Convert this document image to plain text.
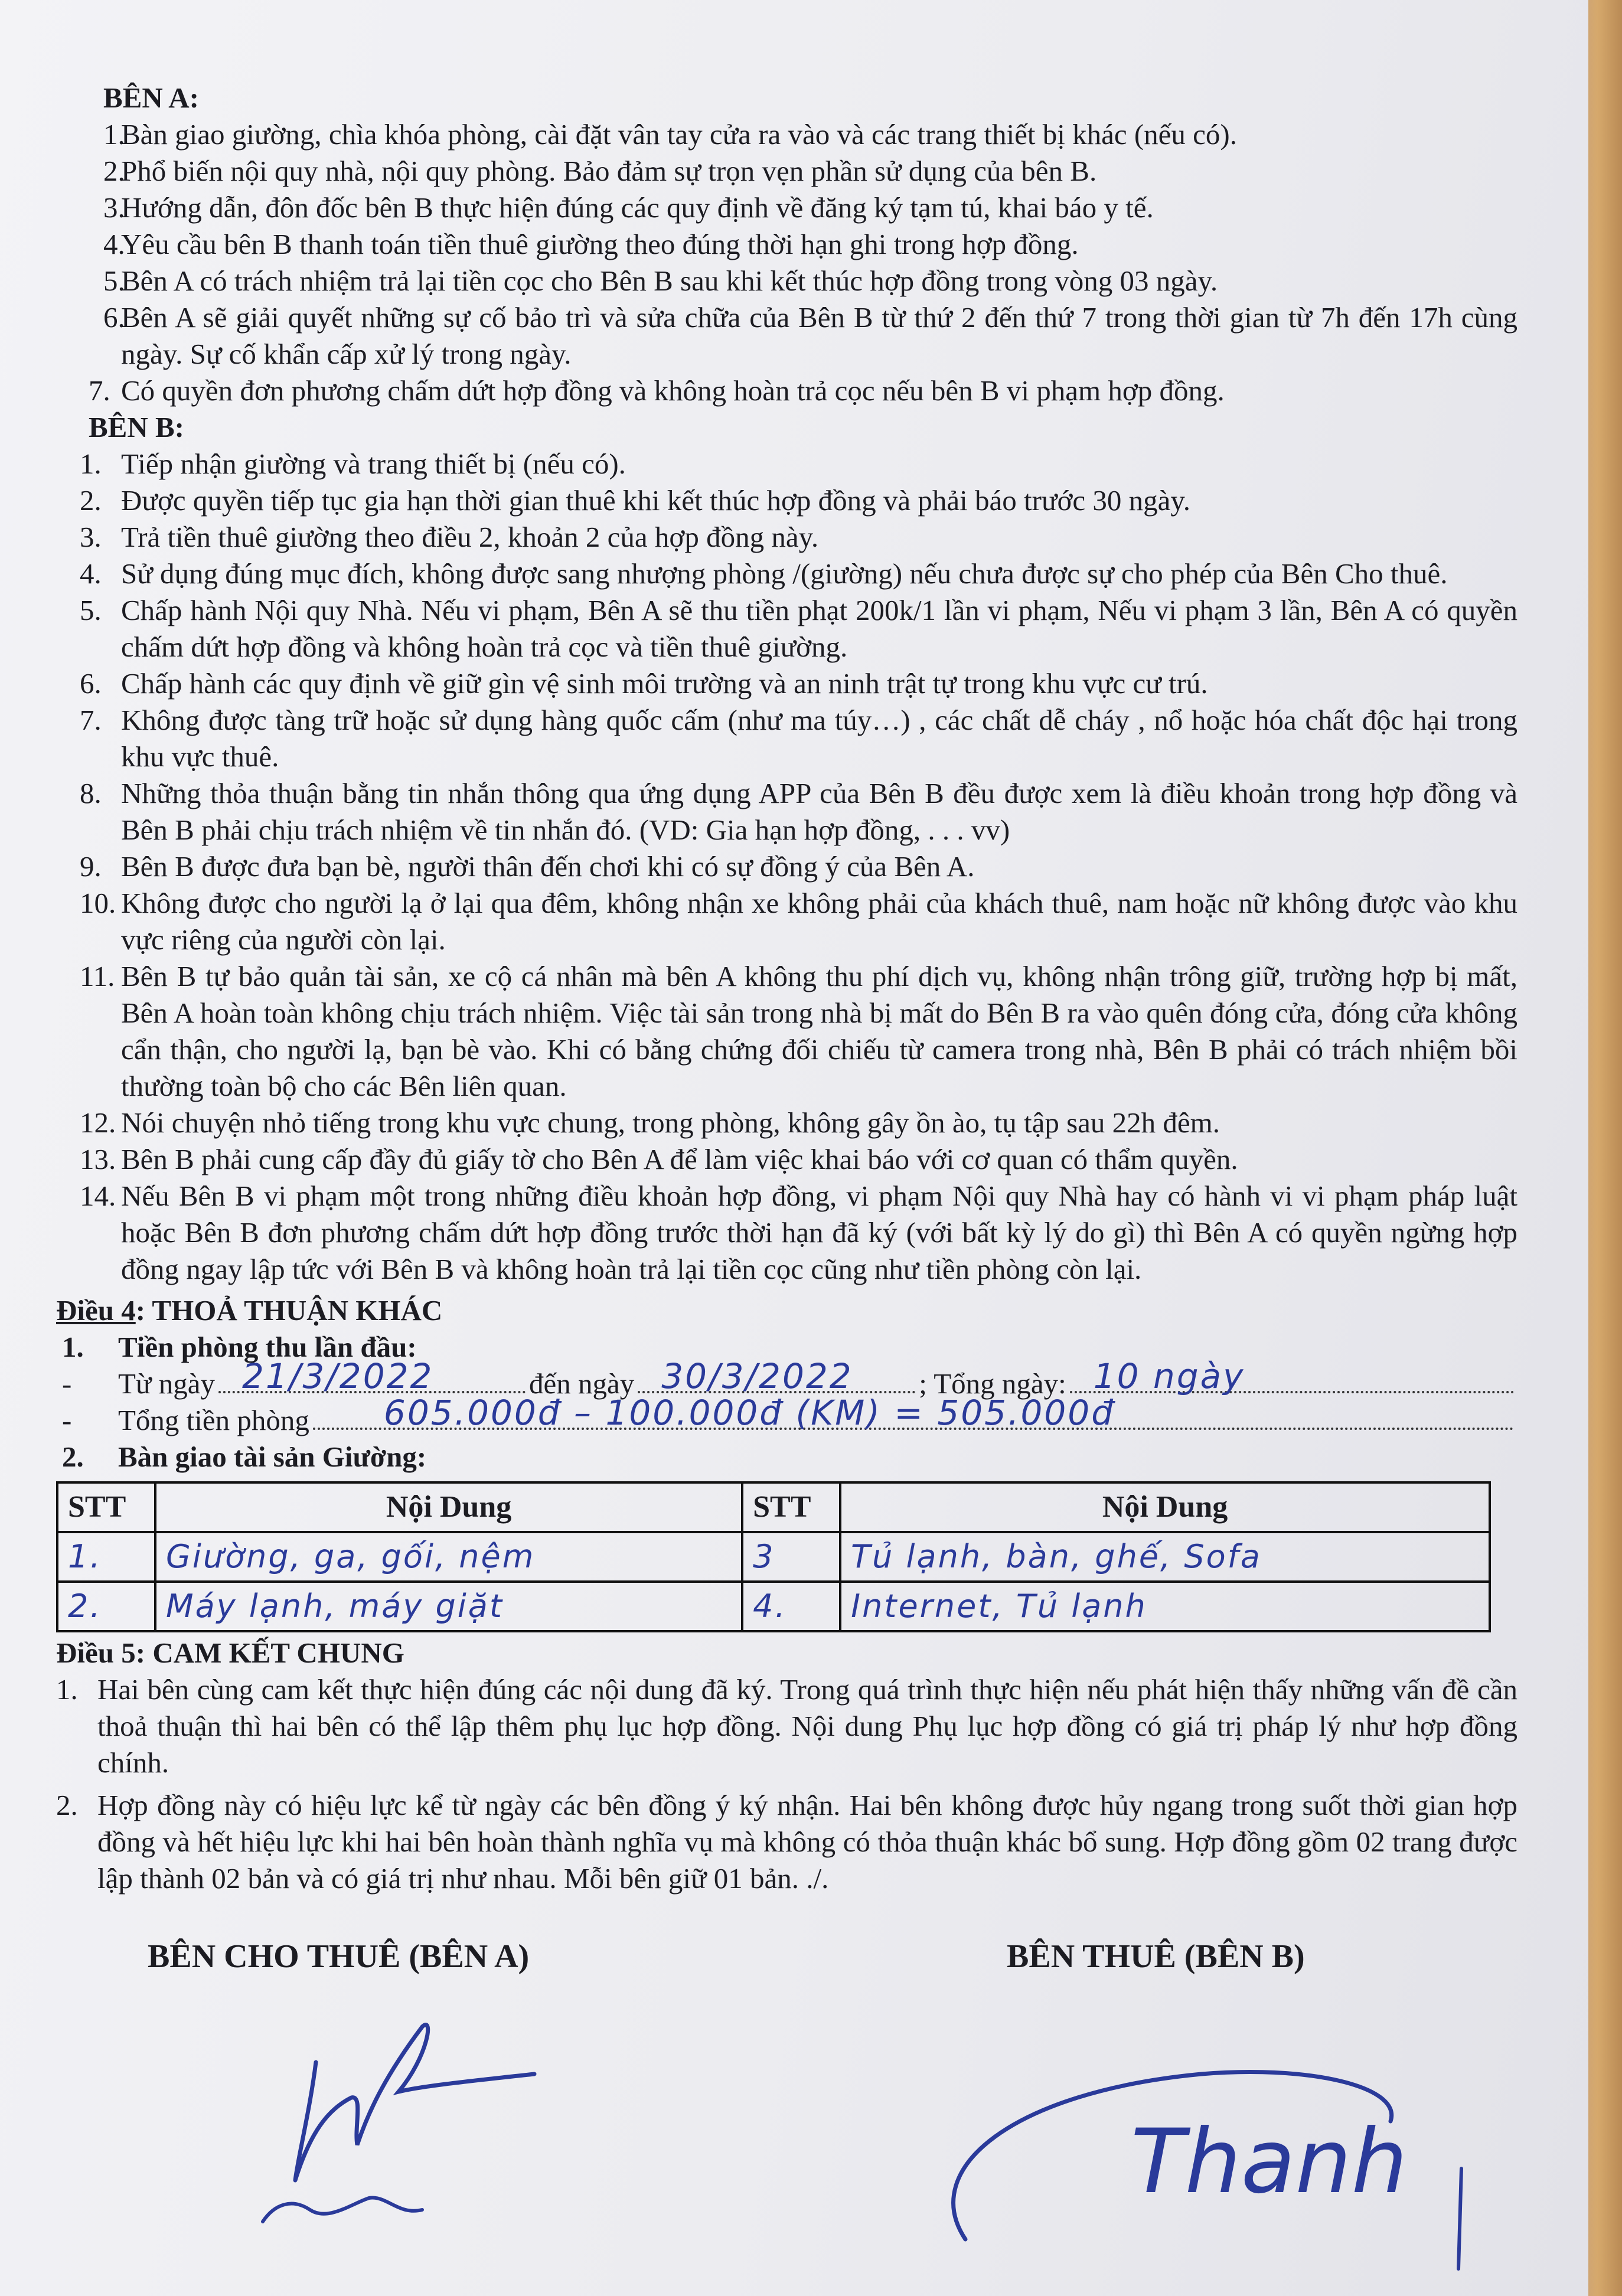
BÊN A:
1.
Bàn giao giường, chìa khóa phòng, cài đặt vân tay cửa ra vào và các trang thiết bị khác (nếu có).
2.
Phổ biến nội quy nhà, nội quy phòng. Bảo đảm sự trọn vẹn phần sử dụng của bên B.
3.
Hướng dẫn, đôn đốc bên B thực hiện đúng các quy định về đăng ký tạm tú, khai báo y tế.
4.
Yêu cầu bên B thanh toán tiền thuê giường theo đúng thời hạn ghi trong hợp đồng.
5.
Bên A có trách nhiệm trả lại tiền cọc cho Bên B sau khi kết thúc hợp đồng trong vòng 03 ngày.
6.
Bên A sẽ giải quyết những sự cố bảo trì và sửa chữa của Bên B từ thứ 2 đến thứ 7 trong thời gian từ 7h đến 17h cùng ngày. Sự cố khẩn cấp xử lý trong ngày.
7. Có quyền đơn phương chấm dứt hợp đồng và không hoàn trả cọc nếu bên B vi phạm hợp đồng.
BÊN B:
1. Tiếp nhận giường và trang thiết bị (nếu có).
2. Được quyền tiếp tục gia hạn thời gian thuê khi kết thúc hợp đồng và phải báo trước 30 ngày.
3. Trả tiền thuê giường theo điều 2, khoản 2 của hợp đồng này.
4. Sử dụng đúng mục đích, không được sang nhượng phòng /(giường) nếu chưa được sự cho phép của Bên Cho thuê.
5. Chấp hành Nội quy Nhà. Nếu vi phạm, Bên A sẽ thu tiền phạt 200k/1 lần vi phạm, Nếu vi phạm 3 lần, Bên A có quyền chấm dứt hợp đồng và không hoàn trả cọc và tiền thuê giường.
6. Chấp hành các quy định về giữ gìn vệ sinh môi trường và an ninh trật tự trong khu vực cư trú.
7. Không được tàng trữ hoặc sử dụng hàng quốc cấm (như ma túy…) , các chất dễ cháy , nổ hoặc hóa chất độc hại trong khu vực thuê.
8. Những thỏa thuận bằng tin nhắn thông qua ứng dụng APP của Bên B đều được xem là điều khoản trong hợp đồng và Bên B phải chịu trách nhiệm về tin nhắn đó. (VD: Gia hạn hợp đồng, . . . vv)
9. Bên B được đưa bạn bè, người thân đến chơi khi có sự đồng ý của Bên A.
10. Không được cho người lạ ở lại qua đêm, không nhận xe không phải của khách thuê, nam hoặc nữ không được vào khu vực riêng của người còn lại.
11. Bên B tự bảo quản tài sản, xe cộ cá nhân mà bên A không thu phí dịch vụ, không nhận trông giữ, trường hợp bị mất, Bên A hoàn toàn không chịu trách nhiệm. Việc tài sản trong nhà bị mất do Bên B ra vào quên đóng cửa, đóng cửa không cẩn thận, cho người lạ, bạn bè vào. Khi có bằng chứng đối chiếu từ camera trong nhà, Bên B phải có trách nhiệm bồi thường toàn bộ cho các Bên liên quan.
12. Nói chuyện nhỏ tiếng trong khu vực chung, trong phòng, không gây ồn ào, tụ tập sau 22h đêm.
13. Bên B phải cung cấp đầy đủ giấy tờ cho Bên A để làm việc khai báo với cơ quan có thẩm quyền.
14. Nếu Bên B vi phạm một trong những điều khoản hợp đồng, vi phạm Nội quy Nhà hay có hành vi vi phạm pháp luật hoặc Bên B đơn phương chấm dứt hợp đồng trước thời hạn đã ký (với bất kỳ lý do gì) thì Bên A có quyền ngừng hợp đồng ngay lập tức với Bên B và không hoàn trả lại tiền cọc cũng như tiền phòng còn lại.
Điều 4: THOẢ THUẬN KHÁC
1. Tiền phòng thu lần đầu:
-	Từ ngày 21/3/2022	đến ngày 30/3/2022 ; Tổng ngày: 10 ngày
-	Tổng tiền phòng 605.000đ – 100.000đ (KM) = 505.000đ
2. Bàn giao tài sản Giường:
STT	Nội Dung	STT	Nội Dung
1.	Giường, ga, gối, nệm	3	Tủ lạnh, bàn, ghế, Sofa
2.	Máy lạnh, máy giặt	4.	Internet, Tủ lạnh
Điều 5: CAM KẾT CHUNG
1. Hai bên cùng cam kết thực hiện đúng các nội dung đã ký. Trong quá trình thực hiện nếu phát hiện thấy những vấn đề cần thoả thuận thì hai bên có thể lập thêm phụ lục hợp đồng. Nội dung Phụ lục hợp đồng có giá trị pháp lý như hợp đồng chính.
2. Hợp đồng này có hiệu lực kể từ ngày các bên đồng ý ký nhận. Hai bên không được hủy ngang trong suốt thời gian hợp đồng và hết hiệu lực khi hai bên hoàn thành nghĩa vụ mà không có thỏa thuận khác bổ sung. Hợp đồng gồm 02 trang được lập thành 02 bản và có giá trị như nhau. Mỗi bên giữ 01 bản. ./.
BÊN CHO THUÊ (BÊN A)	BÊN THUÊ (BÊN B)
Thanh
